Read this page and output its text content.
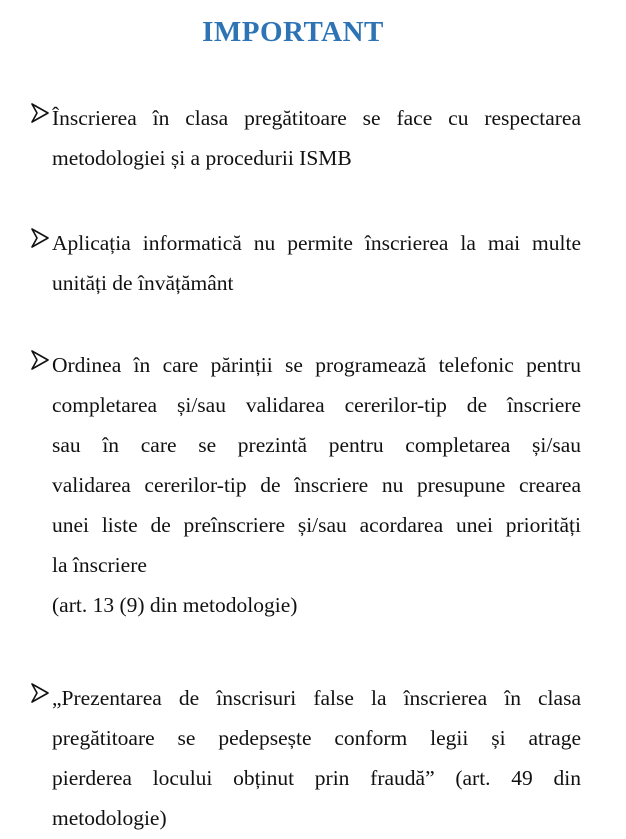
IMPORTANT
Înscrierea în clasa pregătitoare se face cu respectarea
metodologiei și a procedurii ISMB
Aplicația informatică nu permite înscrierea la mai multe
unități de învățământ
Ordinea în care părinții se programează telefonic pentru
completarea și/sau validarea cererilor-tip de înscriere
sau în care se prezintă pentru completarea și/sau
validarea cererilor-tip de înscriere nu presupune crearea
unei liste de preînscriere și/sau acordarea unei priorități
la înscriere
(art. 13 (9) din metodologie)
„Prezentarea de înscrisuri false la înscrierea în clasa
pregătitoare se pedepsește conform legii și atrage
pierderea locului obținut prin fraudă” (art. 49 din
metodologie)
